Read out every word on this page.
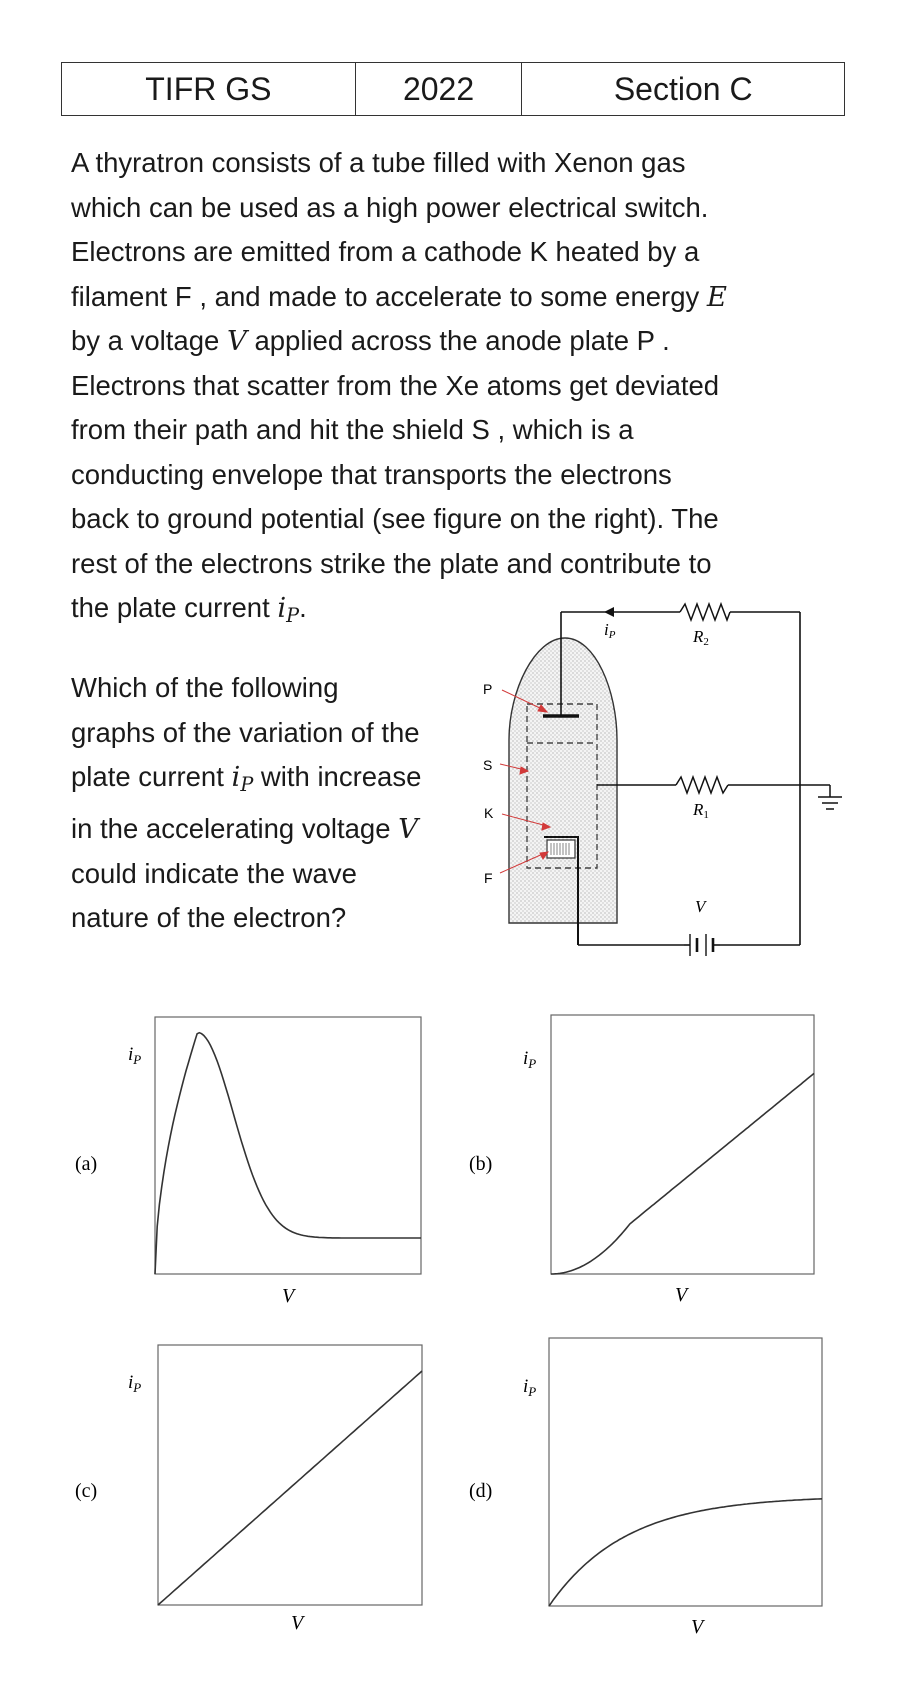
TIFR GS	2022	Section C
A thyratron consists of a tube filled with Xenon gas
which can be used as a high power electrical switch.
Electrons are emitted from a cathode K heated by a
filament F , and made to accelerate to some energy E
by a voltage V applied across the anode plate P .
Electrons that scatter from the Xe atoms get deviated
from their path and hit the shield S , which is a
conducting envelope that transports the electrons
back to ground potential (see figure on the right). The
rest of the electrons strike the plate and contribute to
the plate current $i_P$.
Which of the following
graphs of the variation of the
plate current $i_P$ with increase
in the accelerating voltage V
could indicate the wave
nature of the electron?
P
S
K
F
iP	R2
R1
V
(a)
$i_P$
V
(b)
$i_P$
V
(c)
$i_P$
V
(d)
$i_P$
V
